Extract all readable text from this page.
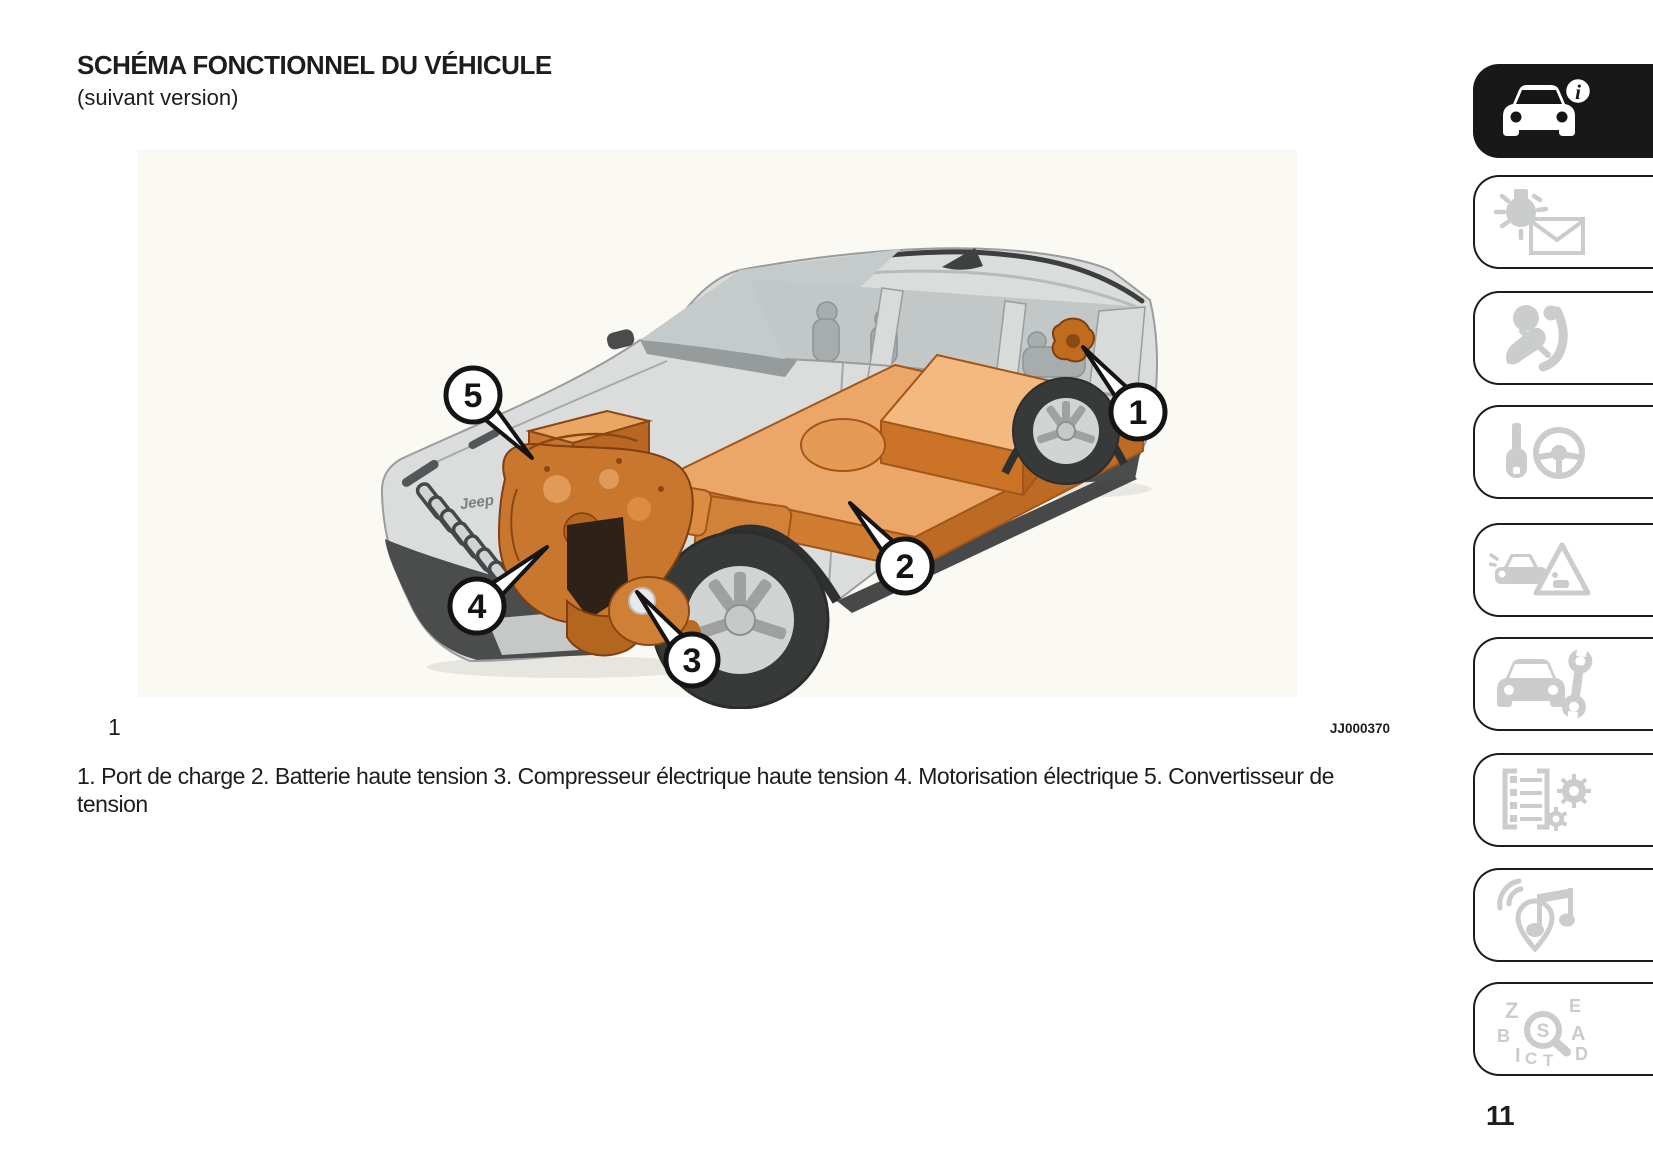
SCHÉMA FONCTIONNEL DU VÉHICULE
(suivant version)
Jeep
5
4
3
2
1
1	JJ000370
1. Port de charge 2. Batterie haute tension 3. Compresseur électrique haute tension 4. Motorisation électrique 5. Convertisseur de
tension
i
Z	E
B	A
I C T D
S
11
